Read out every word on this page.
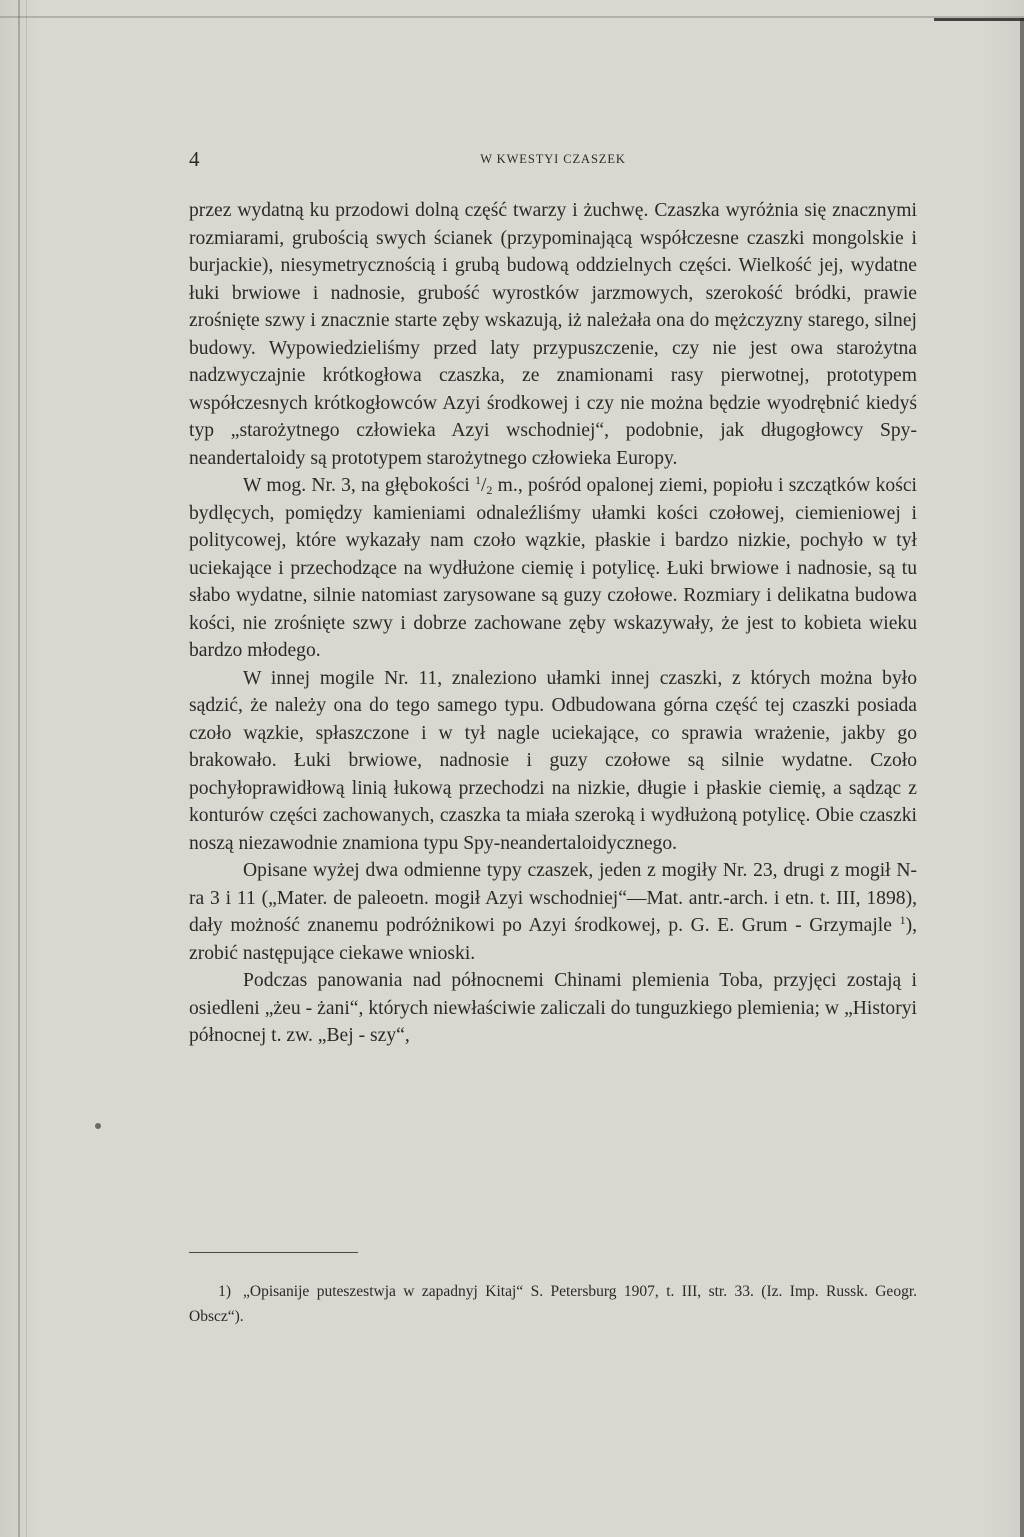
4	W KWESTYI CZASZEK

przez wydatną ku przodowi dolną część twarzy i żuchwę. Czaszka wyróżnia się znacznymi rozmiarami, grubością swych ścianek (przypominającą współczesne czaszki mongolskie i burjackie), niesymetrycznością i grubą budową oddzielnych części. Wielkość jej, wydatne łuki brwiowe i nadnosie, grubość wyrostków jarzmowych, szerokość bródki, prawie zrośnięte szwy i znacznie starte zęby wskazują, iż należała ona do mężczyzny starego, silnej budowy. Wypowiedzieliśmy przed laty przypuszczenie, czy nie jest owa starożytna nadzwyczajnie krótkogłowa czaszka, ze znamionami rasy pierwotnej, prototypem współczesnych krótkogłowców Azyi środkowej i czy nie można będzie wyodrębnić kiedyś typ „starożytnego człowieka Azyi wschodniej“, podobnie, jak długogłowcy Spy-neandertaloidy są prototypem starożytnego człowieka Europy.

W mog. Nr. 3, na głębokości $^1/_2$ m., pośród opalonej ziemi, popiołu i szczątków kości bydlęcych, pomiędzy kamieniami odnaleźliśmy ułamki kości czołowej, ciemieniowej i politycowej, które wykazały nam czoło wązkie, płaskie i bardzo nizkie, pochyło w tył uciekające i przechodzące na wydłużone ciemię i potylicę. Łuki brwiowe i nadnosie, są tu słabo wydatne, silnie natomiast zarysowane są guzy czołowe. Rozmiary i delikatna budowa kości, nie zrośnięte szwy i dobrze zachowane zęby wskazywały, że jest to kobieta wieku bardzo młodego.

W innej mogile Nr. 11, znaleziono ułamki innej czaszki, z których można było sądzić, że należy ona do tego samego typu. Odbudowana górna część tej czaszki posiada czoło wązkie, spłaszczone i w tył nagle uciekające, co sprawia wrażenie, jakby go brakowało. Łuki brwiowe, nadnosie i guzy czołowe są silnie wydatne. Czoło pochyłoprawidłową linią łukową przechodzi na nizkie, długie i płaskie ciemię, a sądząc z konturów części zachowanych, czaszka ta miała szeroką i wydłużoną potylicę. Obie czaszki noszą niezawodnie znamiona typu Spy-neandertaloidycznego.

Opisane wyżej dwa odmienne typy czaszek, jeden z mogiły Nr. 23, drugi z mogił N-ra 3 i 11 („Mater. de paleoetn. mogił Azyi wschodniej“—Mat. antr.-arch. i etn. t. III, 1898), dały możność znanemu podróżnikowi po Azyi środkowej, p. G. E. Grum - Grzymajle $^1$), zrobić następujące ciekawe wnioski.

Podczas panowania nad północnemi Chinami plemienia Toba, przyjęci zostają i osiedleni „żeu - żani“, których niewłaściwie zaliczali do tunguzkiego plemienia; w „Historyi północnej t. zw. „Bej - szy“,

1) „Opisanije puteszestwja w zapadnyj Kitaj“ S. Petersburg 1907, t. III, str. 33. (Iz. Imp. Russk. Geogr. Obscz“).
